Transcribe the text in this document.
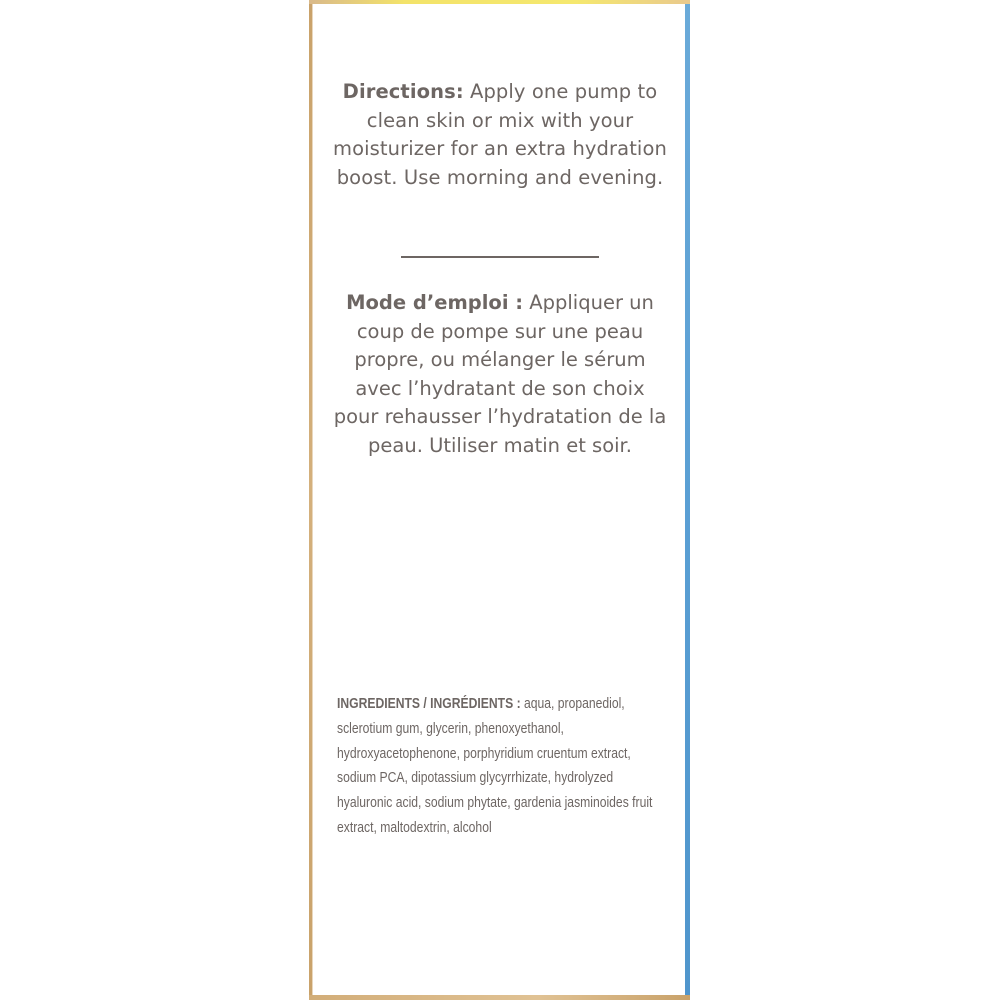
Directions: Apply one pump to clean skin or mix with your moisturizer for an extra hydration boost. Use morning and evening.
Mode d’emploi : Appliquer un coup de pompe sur une peau propre, ou mélanger le sérum avec l’hydratant de son choix pour rehausser l’hydratation de la peau. Utiliser matin et soir.
INGREDIENTS / INGRÉDIENTS : aqua, propanediol, sclerotium gum, glycerin, phenoxyethanol, hydroxyacetophenone, porphyridium cruentum extract, sodium PCA, dipotassium glycyrrhizate, hydrolyzed hyaluronic acid, sodium phytate, gardenia jasminoides fruit extract, maltodextrin, alcohol
